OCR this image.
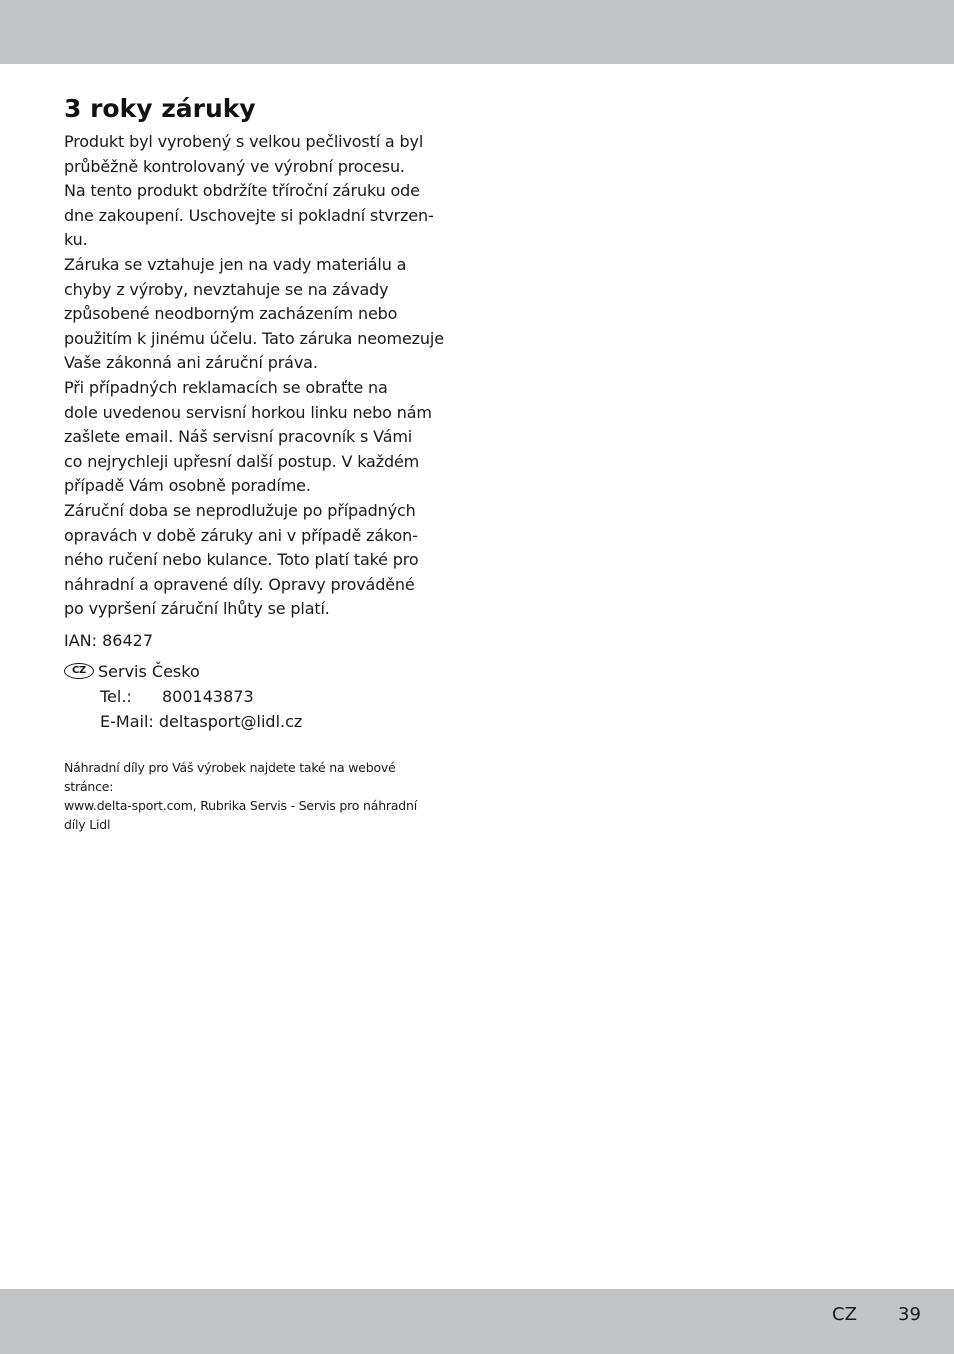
3 roky záruky

Produkt byl vyrobený s velkou pečlivostí a byl
průběžně kontrolovaný ve výrobní procesu.
Na tento produkt obdržíte tříroční záruku ode
dne zakoupení. Uschovejte si pokladní stvrzen-
ku.

Záruka se vztahuje jen na vady materiálu a
chyby z výroby, nevztahuje se na závady
způsobené neodborným zacházením nebo
použitím k jinému účelu. Tato záruka neomezuje
Vaše zákonná ani záruční práva.

Při případných reklamacích se obraťte na
dole uvedenou servisní horkou linku nebo nám
zašlete email. Náš servisní pracovník s Vámi
co nejrychleji upřesní další postup. V každém
případě Vám osobně poradíme.

Záruční doba se neprodlužuje po případných
opravách v době záruky ani v případě zákon-
ného ručení nebo kulance. Toto platí také pro
náhradní a opravené díly. Opravy prováděné
po vypršení záruční lhůty se platí.

IAN: 86427
CZ Servis Česko
Tel.:	800143873
E-Mail:
deltasport@lidl.cz
Náhradní díly pro Váš výrobek najdete také na webové
stránce:
www.delta-sport.com, Rubrika Servis - Servis pro náhradní
díly Lidl
CZ 39
